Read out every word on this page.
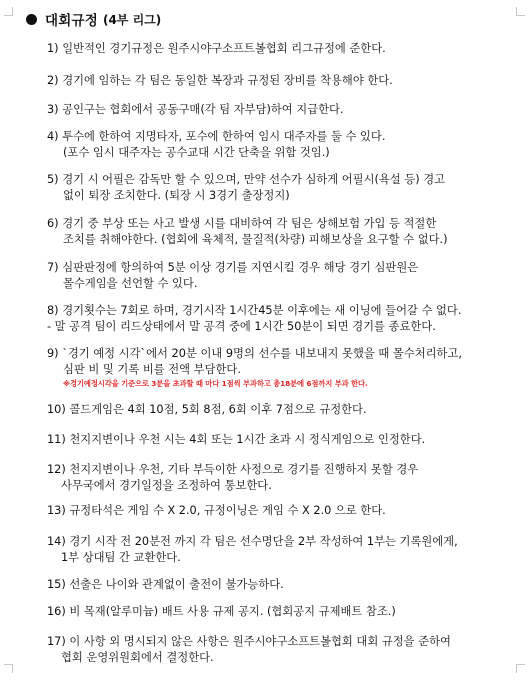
대회규정 (4부 리그)
1) 일반적인 경기규정은 원주시야구소프트볼협회 리그규정에 준한다.
2) 경기에 임하는 각 팀은 동일한 복장과 규정된 장비를 착용해야 한다.
3) 공인구는 협회에서 공동구매(각 팀 자부담)하여 지급한다.
4) 투수에 한하여 지명타자, 포수에 한하여 임시 대주자를 둘 수 있다.
(포수 임시 대주자는 공수교대 시간 단축을 위함 것임.)
5) 경기 시 어필은 감독만 할 수 있으며, 만약 선수가 심하게 어필시(욕설 등) 경고
없이 퇴장 조치한다. (퇴장 시 3경기 출장정지)
6) 경기 중 부상 또는 사고 발생 시를 대비하여 각 팀은 상해보험 가입 등 적절한
조치를 취해야한다. (협회에 육체적, 물질적(차량) 피해보상을 요구할 수 없다.)
7) 심판판정에 항의하여 5분 이상 경기를 지연시킬 경우 해당 경기 심판원은
몰수게임을 선언할 수 있다.
8) 경기횟수는 7회로 하며, 경기시작 1시간45분 이후에는 새 이닝에 들어갈 수 없다.
- 말 공격 팀이 리드상태에서 말 공격 중에 1시간 50분이 되면 경기를 종료한다.
9) `경기 예정 시각`에서 20분 이내 9명의 선수를 내보내지 못했을 때 몰수처리하고,
심판 비 및 기록 비를 전액 부담한다.
※경기예정시각을 기준으로 3분을 초과할 때 마다 1점씩 부과하고 총18분에 6점까지 부과 한다.
10) 콜드게임은 4회 10점, 5회 8점, 6회 이후 7점으로 규정한다.
11) 천지지변이나 우천 시는 4회 또는 1시간 초과 시 정식게임으로 인정한다.
12) 천지지변이나 우천, 기타 부득이한 사정으로 경기를 진행하지 못할 경우
사무국에서 경기일정을 조정하여 통보한다.
13) 규정타석은 게임 수 X 2.0, 규정이닝은 게임 수 X 2.0 으로 한다.
14) 경기 시작 전 20분전 까지 각 팀은 선수명단을 2부 작성하여 1부는 기록원에게,
1부 상대팀 간 교환한다.
15) 선출은 나이와 관계없이 출전이 불가능하다.
16) 비 목재(알루미늄) 배트 사용 규제 공지. (협회공지 규제배트 참조.)
17) 이 사항 외 명시되지 않은 사항은 원주시야구소프트볼협회 대회 규정을 준하여
협회 운영위원회에서 결정한다.
